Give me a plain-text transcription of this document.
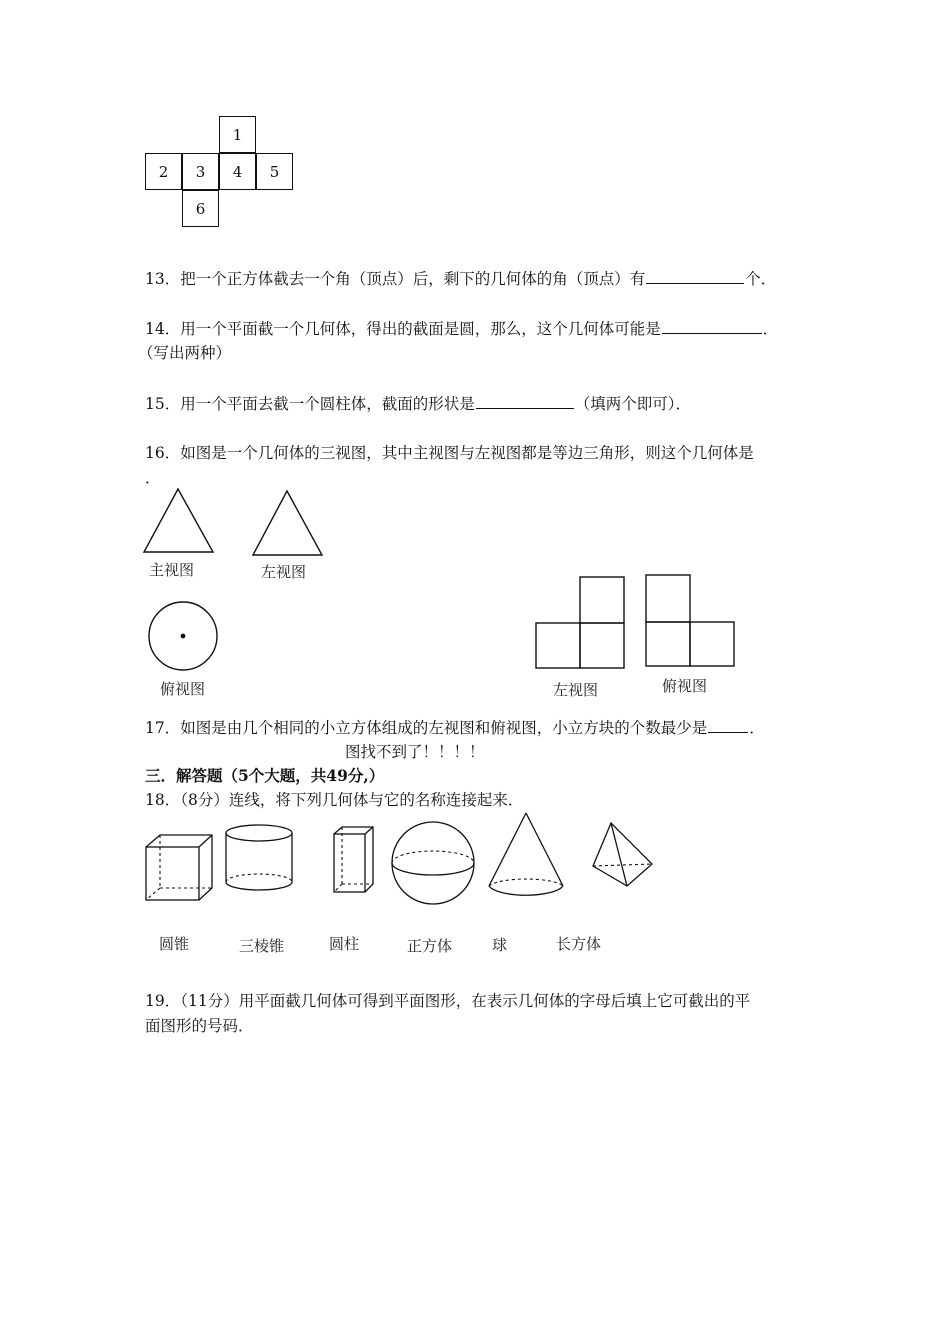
1
2	3	4	5
6
13．把一个正方体截去一个角（顶点）后，剩下的几何体的角（顶点）有	个．
14．用一个平面截一个几何体，得出的截面是圆，那么，这个几何体可能是	．
（写出两种）
15．用一个平面去截一个圆柱体，截面的形状是	（填两个即可）．
16．如图是一个几何体的三视图，其中主视图与左视图都是等边三角形，则这个几何体是
．
主视图	左视图
俯视图	左视图	俯视图
17．如图是由几个相同的小立方体组成的左视图和俯视图，小立方块的个数最少是	．
图找不到了！！！！
三．解答题（5个大题，共49分,）
18．（8分）连线，将下列几何体与它的名称连接起来．
圆锥	三棱锥	圆柱	正方体	球	长方体
19．（11分）用平面截几何体可得到平面图形，在表示几何体的字母后填上它可截出的平
面图形的号码．
